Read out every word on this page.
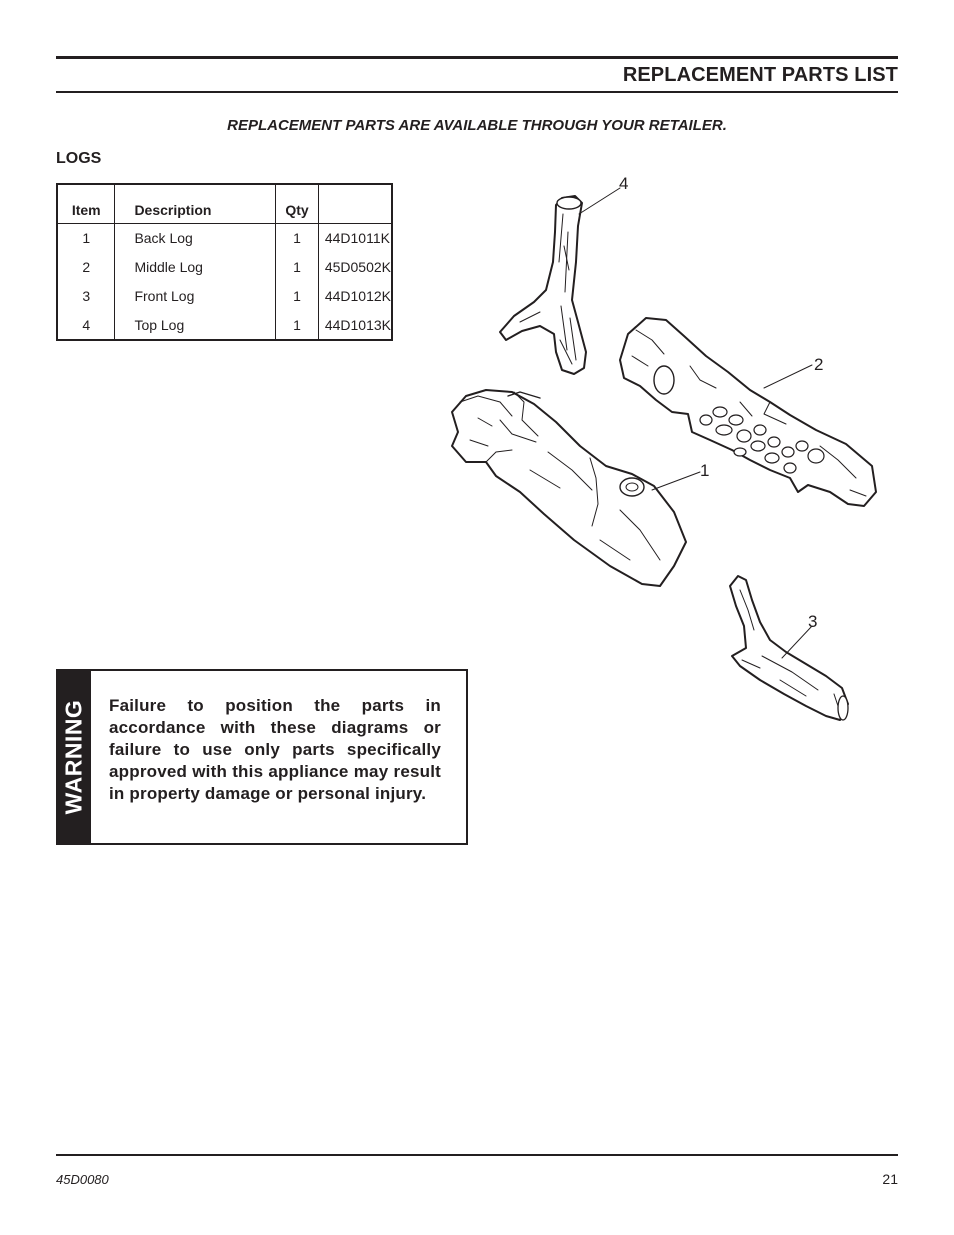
REPLACEMENT PARTS LIST
REPLACEMENT PARTS ARE AVAILABLE THROUGH YOUR RETAILER.
LOGS
Item	Description	Qty	
1	Back Log	1	44D1011K
2	Middle Log	1	45D0502K
3	Front Log	1	44D1012K
4	Top Log	1	44D1013K
4
2
1
3
WARNING Failure to position the parts in accordance with these diagrams or failure to use only parts specifically approved with this appliance may result in property damage or personal injury.
45D0080	21
